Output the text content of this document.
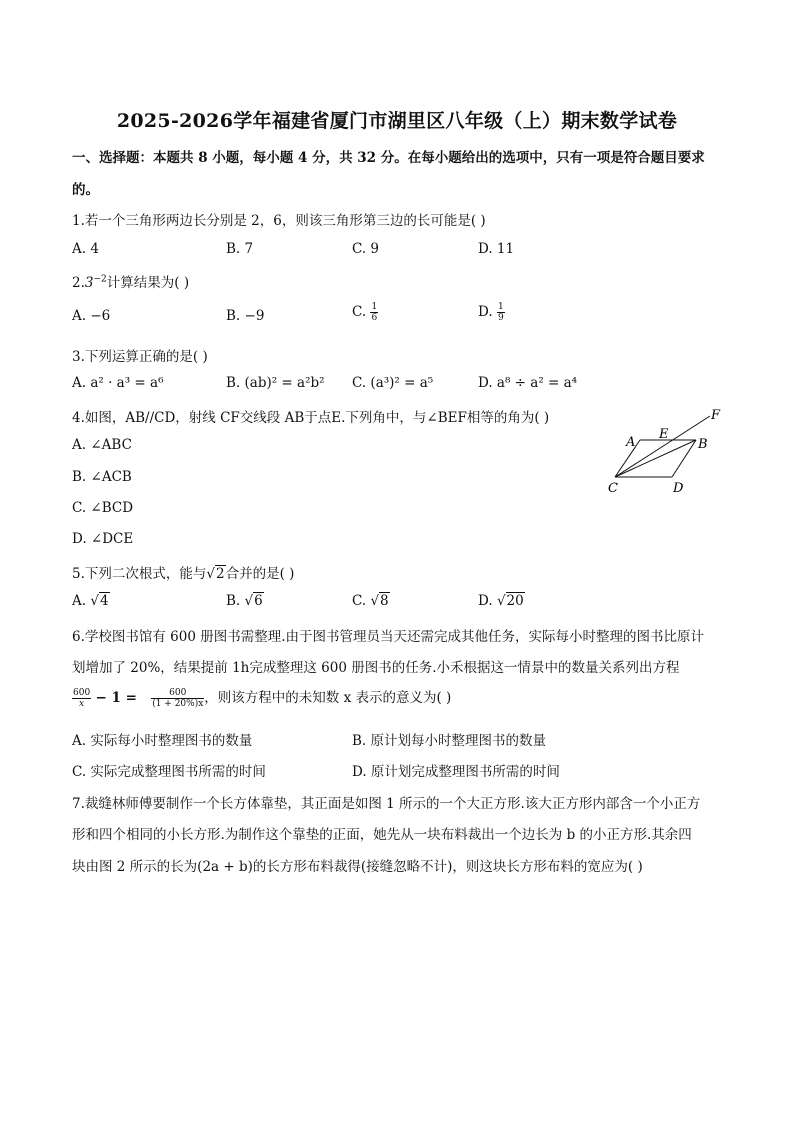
2025-2026学年福建省厦门市湖里区八年级（上）期末数学试卷
一、选择题：本题共 8 小题，每小题 4 分，共 32 分。在每小题给出的选项中，只有一项是符合题目要求
的。
1.若一个三角形两边长分别是 2，6，则该三角形第三边的长可能是( )
A. 4	B. 7	C. 9	D. 11
$2.3^{-2}$计算结果为( )
A. −6	B. −9	C. $\frac{1}{6}$	D. $\frac{1}{9}$
3.下列运算正确的是( )
A. a² · a³ = a⁶	B. (ab)² = a²b² C. (a³)² = a⁵	D. a⁸ ÷ a² = a⁴
4.如图，AB//CD，射线 CF交线段 AB于点E.下列角中，与∠BEF相等的角为( )
A. ∠ABC
B. ∠ACB
C. ∠BCD
D. ∠DCE
A
E
B
F
C	D
5.下列二次根式，能与√2合并的是( )
A. √4	B. √6	C. √8	D. √20
6.学校图书馆有 600 册图书需整理.由于图书管理员当天还需完成其他任务，实际每小时整理的图书比原计
划增加了 20%，结果提前 1h完成整理这 600 册图书的任务.小禾根据这一情景中的数量关系列出方程
$\frac{600}{x} - 1 = \frac{600}{(1 + 20\%)x}$ ，则该方程中的未知数 x 表示的意义为( )
A. 实际每小时整理图书的数量	B. 原计划每小时整理图书的数量
C. 实际完成整理图书所需的时间	D. 原计划完成整理图书所需的时间
7.裁缝林师傅要制作一个长方体靠垫，其正面是如图 1 所示的一个大正方形.该大正方形内部含一个小正方
形和四个相同的小长方形.为制作这个靠垫的正面，她先从一块布料裁出一个边长为 b 的小正方形.其余四
块由图 2 所示的长为(2a + b)的长方形布料裁得(接缝忽略不计)，则这块长方形布料的宽应为( )
